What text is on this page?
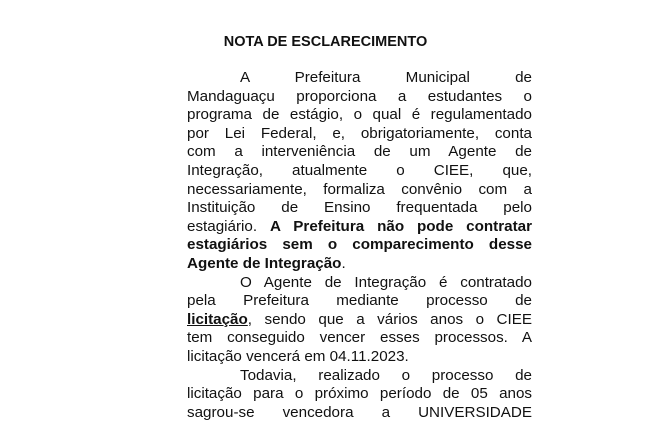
NOTA DE ESCLARECIMENTO
A Prefeitura Municipal de
Mandaguaçu proporciona a estudantes o
programa de estágio, o qual é regulamentado
por Lei Federal, e, obrigatoriamente, conta
com a interveniência de um Agente de
Integração, atualmente o CIEE, que,
necessariamente, formaliza convênio com a
Instituição de Ensino frequentada pelo
estagiário. A Prefeitura não pode contratar
estagiários sem o comparecimento desse
Agente de Integração.
O Agente de Integração é contratado
pela Prefeitura mediante processo de
licitação, sendo que a vários anos o CIEE
tem conseguido vencer esses processos. A
licitação vencerá em 04.11.2023.
Todavia, realizado o processo de
licitação para o próximo período de 05 anos
sagrou-se vencedora a UNIVERSIDADE
